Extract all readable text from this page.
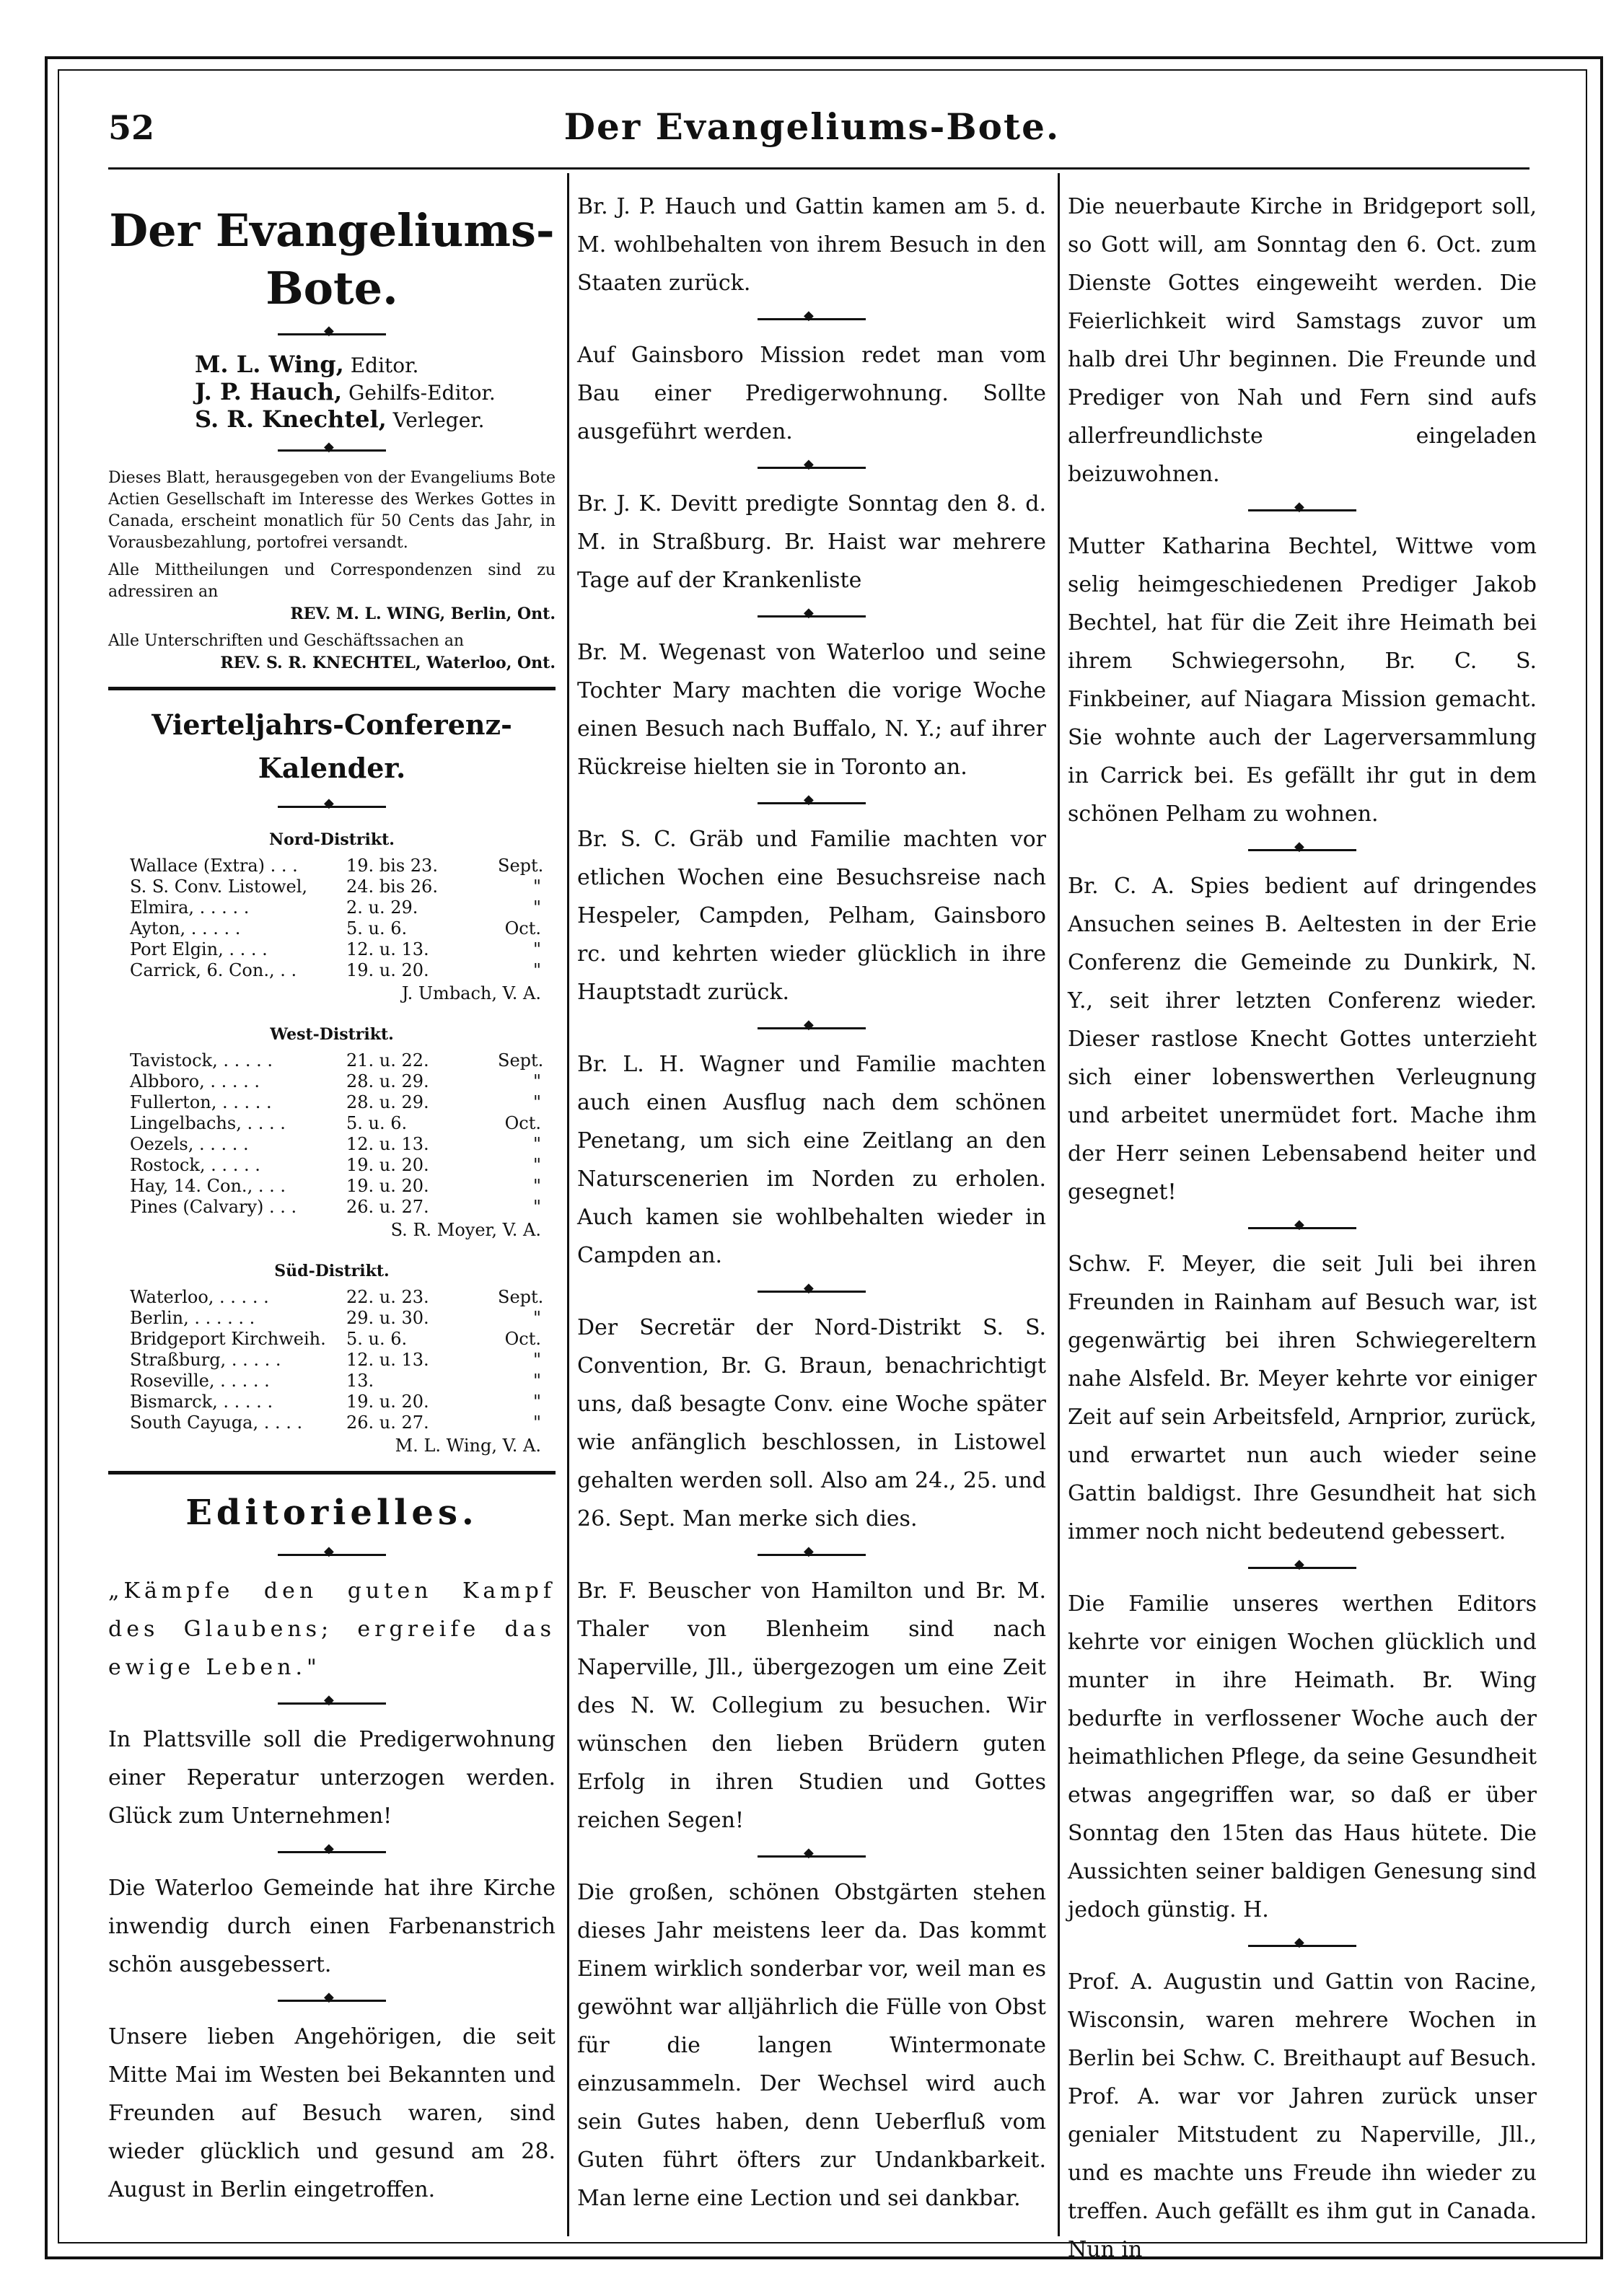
52	Der Evangeliums-Bote.
Der Evangeliums-Bote.
◆
M. L. Wing, Editor.
J. P. Hauch, Gehilfs-Editor.
S. R. Knechtel, Verleger.
◆
Dieses Blatt, herausgegeben von der Evangeliums Bote Actien Gesellschaft im Interesse des Werkes Gottes in Canada, erscheint monatlich für 50 Cents das Jahr, in Vorausbezahlung, portofrei versandt.
Alle Mittheilungen und Correspondenzen sind zu adressiren an
REV. M. L. WING, Berlin, Ont.
Alle Unterschriften und Geschäftssachen an
REV. S. R. KNECHTEL, Waterloo, Ont.
Vierteljahrs-Conferenz-Kalender.
◆
Nord-Distrikt.
Wallace (Extra) . . .	19. bis 23.	Sept.
S. S. Conv. Listowel,	24. bis 26.	"
Elmira, . . . . .	2. u. 29.	"
Ayton, . . . . .	5. u. 6.	Oct.
Port Elgin, . . . .	12. u. 13.	"
Carrick, 6. Con., . .	19. u. 20.	"
J. Umbach, V. A.
West-Distrikt.
Tavistock, . . . . .	21. u. 22.	Sept.
Albboro, . . . . .	28. u. 29.	"
Fullerton, . . . . .	28. u. 29.	"
Lingelbachs, . . . .	5. u. 6.	Oct.
Oezels, . . . . .	12. u. 13.	"
Rostock, . . . . .	19. u. 20.	"
Hay, 14. Con., . . .	19. u. 20.	"
Pines (Calvary) . . .	26. u. 27.	"
S. R. Moyer, V. A.
Süd-Distrikt.
Waterloo, . . . . .	22. u. 23.	Sept.
Berlin, . . . . . .	29. u. 30.	"
Bridgeport Kirchweih.	5. u. 6.	Oct.
Straßburg, . . . . .	12. u. 13.	"
Roseville, . . . . .	13.	"
Bismarck, . . . . .	19. u. 20.	"
South Cayuga, . . . .	26. u. 27.	"
M. L. Wing, V. A.
Editorielles.
◆

„Kämpfe den guten Kampf des Glaubens; ergreife das ewige Leben."

◆

In Plattsville soll die Predigerwohnung einer Reperatur unterzogen werden. Glück zum Unternehmen!

◆

Die Waterloo Gemeinde hat ihre Kirche inwendig durch einen Farbenanstrich schön ausgebessert.

◆

Unsere lieben Angehörigen, die seit Mitte Mai im Westen bei Bekannten und Freunden auf Besuch waren, sind wieder glücklich und gesund am 28. August in Berlin eingetroffen.

Br. J. P. Hauch und Gattin kamen am 5. d. M. wohlbehalten von ihrem Besuch in den Staaten zurück.

◆

Auf Gainsboro Mission redet man vom Bau einer Predigerwohnung. Sollte ausgeführt werden.

◆

Br. J. K. Devitt predigte Sonntag den 8. d. M. in Straßburg. Br. Haist war mehrere Tage auf der Krankenliste

◆

Br. M. Wegenast von Waterloo und seine Tochter Mary machten die vorige Woche einen Besuch nach Buffalo, N. Y.; auf ihrer Rückreise hielten sie in Toronto an.

◆

Br. S. C. Gräb und Familie machten vor etlichen Wochen eine Besuchsreise nach Hespeler, Campden, Pelham, Gainsboro rc. und kehrten wieder glücklich in ihre Hauptstadt zurück.

◆

Br. L. H. Wagner und Familie machten auch einen Ausflug nach dem schönen Penetang, um sich eine Zeitlang an den Naturscenerien im Norden zu erholen. Auch kamen sie wohlbehalten wieder in Campden an.

◆

Der Secretär der Nord-Distrikt S. S. Convention, Br. G. Braun, benachrichtigt uns, daß besagte Conv. eine Woche später wie anfänglich beschlossen, in Listowel gehalten werden soll. Also am 24., 25. und 26. Sept. Man merke sich dies.

◆

Br. F. Beuscher von Hamilton und Br. M. Thaler von Blenheim sind nach Naperville, Jll., übergezogen um eine Zeit des N. W. Collegium zu besuchen. Wir wünschen den lieben Brüdern guten Erfolg in ihren Studien und Gottes reichen Segen!

◆

Die großen, schönen Obstgärten stehen dieses Jahr meistens leer da. Das kommt Einem wirklich sonderbar vor, weil man es gewöhnt war alljährlich die Fülle von Obst für die langen Wintermonate einzusammeln. Der Wechsel wird auch sein Gutes haben, denn Ueberfluß vom Guten führt öfters zur Undankbarkeit. Man lerne eine Lection und sei dankbar.

Die neuerbaute Kirche in Bridgeport soll, so Gott will, am Sonntag den 6. Oct. zum Dienste Gottes eingeweiht werden. Die Feierlichkeit wird Samstags zuvor um halb drei Uhr beginnen. Die Freunde und Prediger von Nah und Fern sind aufs allerfreundlichste eingeladen beizuwohnen.

◆

Mutter Katharina Bechtel, Wittwe vom selig heimgeschiedenen Prediger Jakob Bechtel, hat für die Zeit ihre Heimath bei ihrem Schwiegersohn, Br. C. S. Finkbeiner, auf Niagara Mission gemacht. Sie wohnte auch der Lagerversammlung in Carrick bei. Es gefällt ihr gut in dem schönen Pelham zu wohnen.

◆

Br. C. A. Spies bedient auf dringendes Ansuchen seines B. Aeltesten in der Erie Conferenz die Gemeinde zu Dunkirk, N. Y., seit ihrer letzten Conferenz wieder. Dieser rastlose Knecht Gottes unterzieht sich einer lobenswerthen Verleugnung und arbeitet unermüdet fort. Mache ihm der Herr seinen Lebensabend heiter und gesegnet!

◆

Schw. F. Meyer, die seit Juli bei ihren Freunden in Rainham auf Besuch war, ist gegenwärtig bei ihren Schwiegereltern nahe Alsfeld. Br. Meyer kehrte vor einiger Zeit auf sein Arbeitsfeld, Arnprior, zurück, und erwartet nun auch wieder seine Gattin baldigst. Ihre Gesundheit hat sich immer noch nicht bedeutend gebessert.

◆

Die Familie unseres werthen Editors kehrte vor einigen Wochen glücklich und munter in ihre Heimath. Br. Wing bedurfte in verflossener Woche auch der heimathlichen Pflege, da seine Gesundheit etwas angegriffen war, so daß er über Sonntag den 15ten das Haus hütete. Die Aussichten seiner baldigen Genesung sind jedoch günstig. H.

◆

Prof. A. Augustin und Gattin von Racine, Wisconsin, waren mehrere Wochen in Berlin bei Schw. C. Breithaupt auf Besuch. Prof. A. war vor Jahren zurück unser genialer Mitstudent zu Naperville, Jll., und es machte uns Freude ihn wieder zu treffen. Auch gefällt es ihm gut in Canada. Nun in
